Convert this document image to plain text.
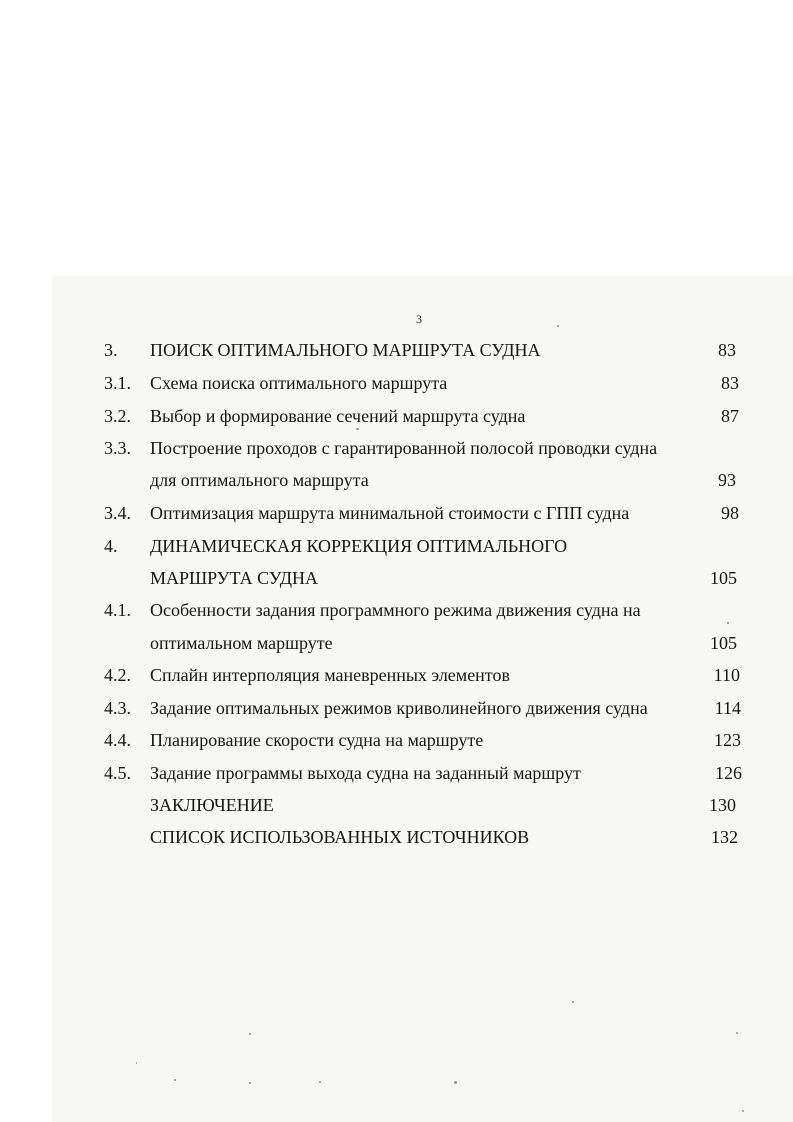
3
3. ПОИСК ОПТИМАЛЬНОГО МАРШРУТА СУДНА	83
3.1. Схема поиска оптимального маршрута	83
3.2. Выбор и формирование сечений маршрута судна	87
3.3. Построение проходов с гарантированной полосой проводки судна
для оптимального маршрута	93
3.4. Оптимизация маршрута минимальной стоимости с ГПП судна	98
4. ДИНАМИЧЕСКАЯ КОРРЕКЦИЯ ОПТИМАЛЬНОГО
МАРШРУТА СУДНА	105
4.1. Особенности задания программного режима движения судна на
оптимальном маршруте	105
4.2. Сплайн интерполяция маневренных элементов	110
4.3. Задание оптимальных режимов криволинейного движения судна	114
4.4. Планирование скорости судна на маршруте	123
4.5. Задание программы выхода судна на заданный маршрут	126
ЗАКЛЮЧЕНИЕ	130
СПИСОК ИСПОЛЬЗОВАННЫХ ИСТОЧНИКОВ	132
